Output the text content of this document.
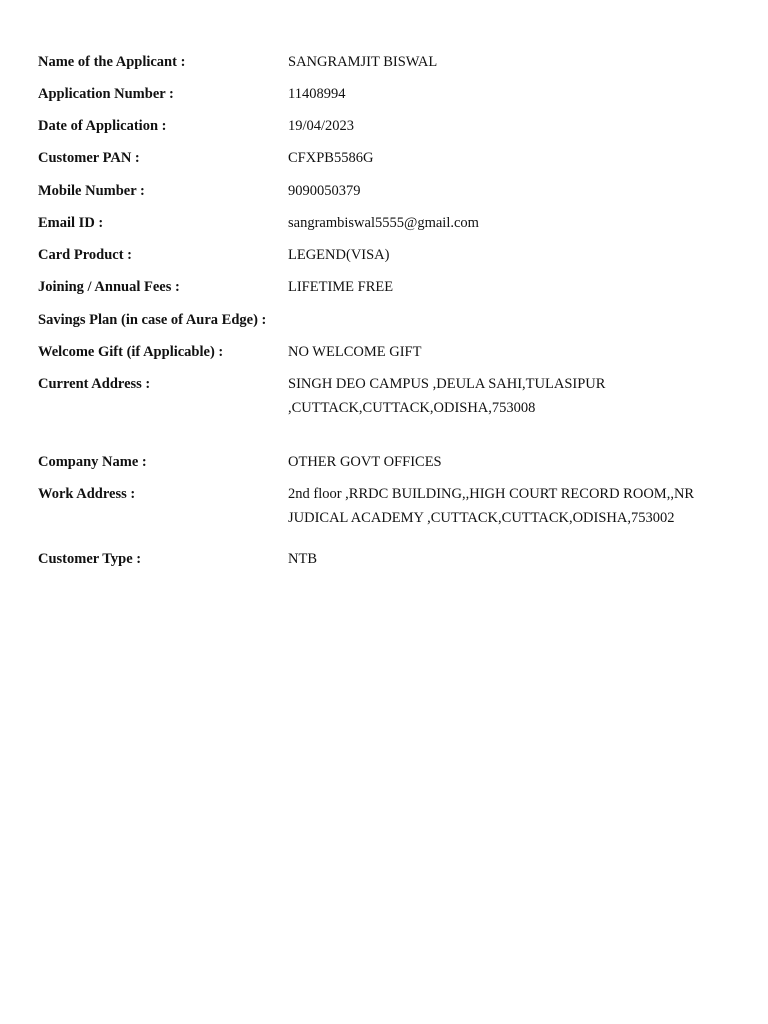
Name of the Applicant :	SANGRAMJIT BISWAL
Application Number :	11408994
Date of Application :	19/04/2023
Customer PAN :	CFXPB5586G
Mobile Number :	9090050379
Email ID :	sangrambiswal5555@gmail.com
Card Product :	LEGEND(VISA)
Joining / Annual Fees :	LIFETIME FREE
Savings Plan (in case of Aura Edge) :
Welcome Gift (if Applicable) :	NO WELCOME GIFT
Current Address :	SINGH DEO CAMPUS ,DEULA SAHI,TULASIPUR ,CUTTACK,CUTTACK,ODISHA,753008
Company Name :	OTHER GOVT OFFICES
Work Address :	2nd floor ,RRDC BUILDING,,HIGH COURT RECORD ROOM,,NR JUDICAL ACADEMY ,CUTTACK,CUTTACK,ODISHA,753002
Customer Type :	NTB
